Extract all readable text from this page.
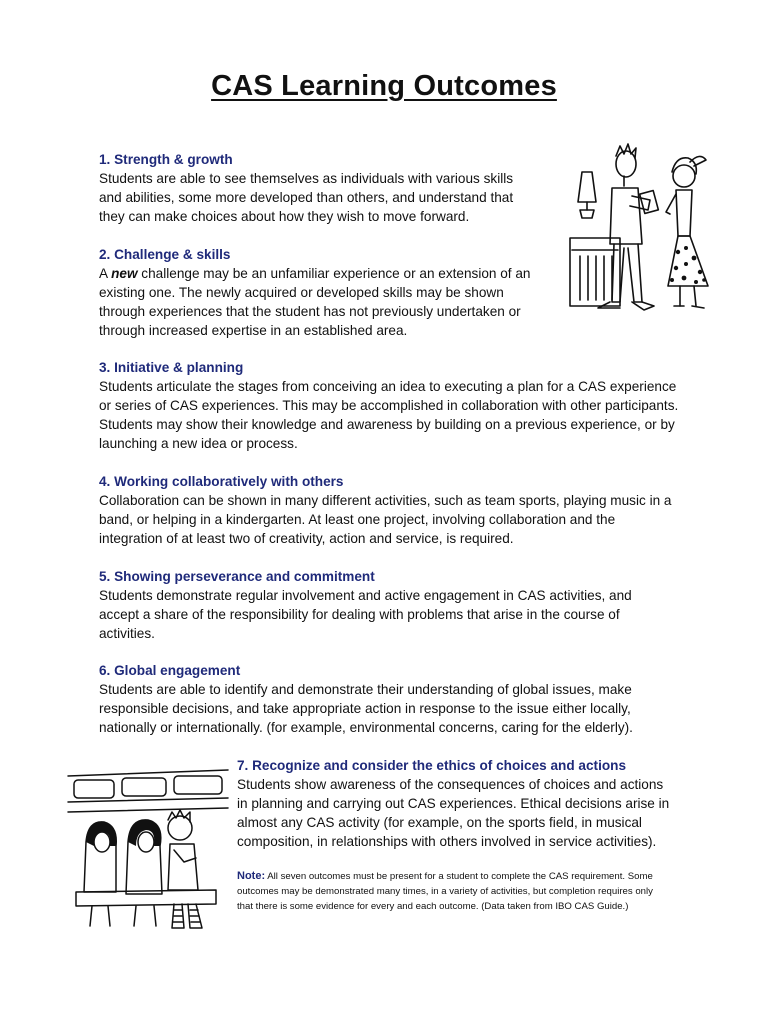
CAS Learning Outcomes
1. Strength & growth

Students are able to see themselves as individuals with various skills and abilities, some more developed than others, and understand that they can make choices about how they wish to move forward.

2. Challenge & skills

A new challenge may be an unfamiliar experience or an extension of an existing one. The newly acquired or developed skills may be shown through experiences that the student has not previously undertaken or through increased expertise in an established area.

3. Initiative & planning

Students articulate the stages from conceiving an idea to executing a plan for a CAS experience or series of CAS experiences. This may be accomplished in collaboration with other participants. Students may show their knowledge and awareness by building on a previous experience, or by launching a new idea or process.

4. Working collaboratively with others

Collaboration can be shown in many different activities, such as team sports, playing music in a band, or helping in a kindergarten. At least one project, involving collaboration and the integration of at least two of creativity, action and service, is required.

5. Showing perseverance and commitment

Students demonstrate regular involvement and active engagement in CAS activities, and accept a share of the responsibility for dealing with problems that arise in the course of activities.

6. Global engagement

Students are able to identify and demonstrate their understanding of global issues, make responsible decisions, and take appropriate action in response to the issue either locally, nationally or internationally. (for example, environmental concerns, caring for the elderly).

7. Recognize and consider the ethics of choices and actions

Students show awareness of the consequences of choices and actions in planning and carrying out CAS experiences. Ethical decisions arise in almost any CAS activity (for example, on the sports field, in musical composition, in relationships with others involved in service activities).

Note: All seven outcomes must be present for a student to complete the CAS requirement. Some outcomes may be demonstrated many times, in a variety of activities, but completion requires only that there is some evidence for every and each outcome. (Data taken from IBO CAS Guide.)
